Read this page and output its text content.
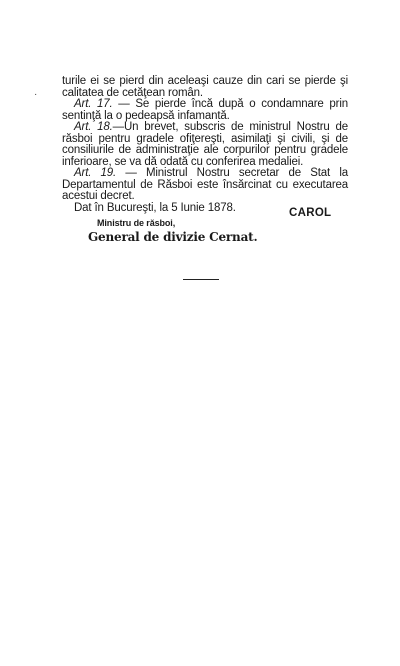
·

turile ei se pierd din aceleaşi cauze din cari se pierde şi calitatea de cetăţean român.

Art. 17. — Se pierde încă după o condamnare prin sentinţă la o pedeapsă infamantă.

Art. 18.—Un brevet, subscris de ministrul Nostru de răsboi pentru gradele ofiţereşti, asimilaţi şi civili, şi de consiliurile de administraţie ale corpurilor pentru gradele inferioare, se va dă odată cu conferirea medaliei.

Art. 19. — Ministrul Nostru secretar de Stat la Departamentul de Răsboi este însărcinat cu executarea acestui decret.

Dat în Bucureşti, la 5 Iunie 1878.	CAROL
Ministru de răsboi,
General de divizie Cernat.
